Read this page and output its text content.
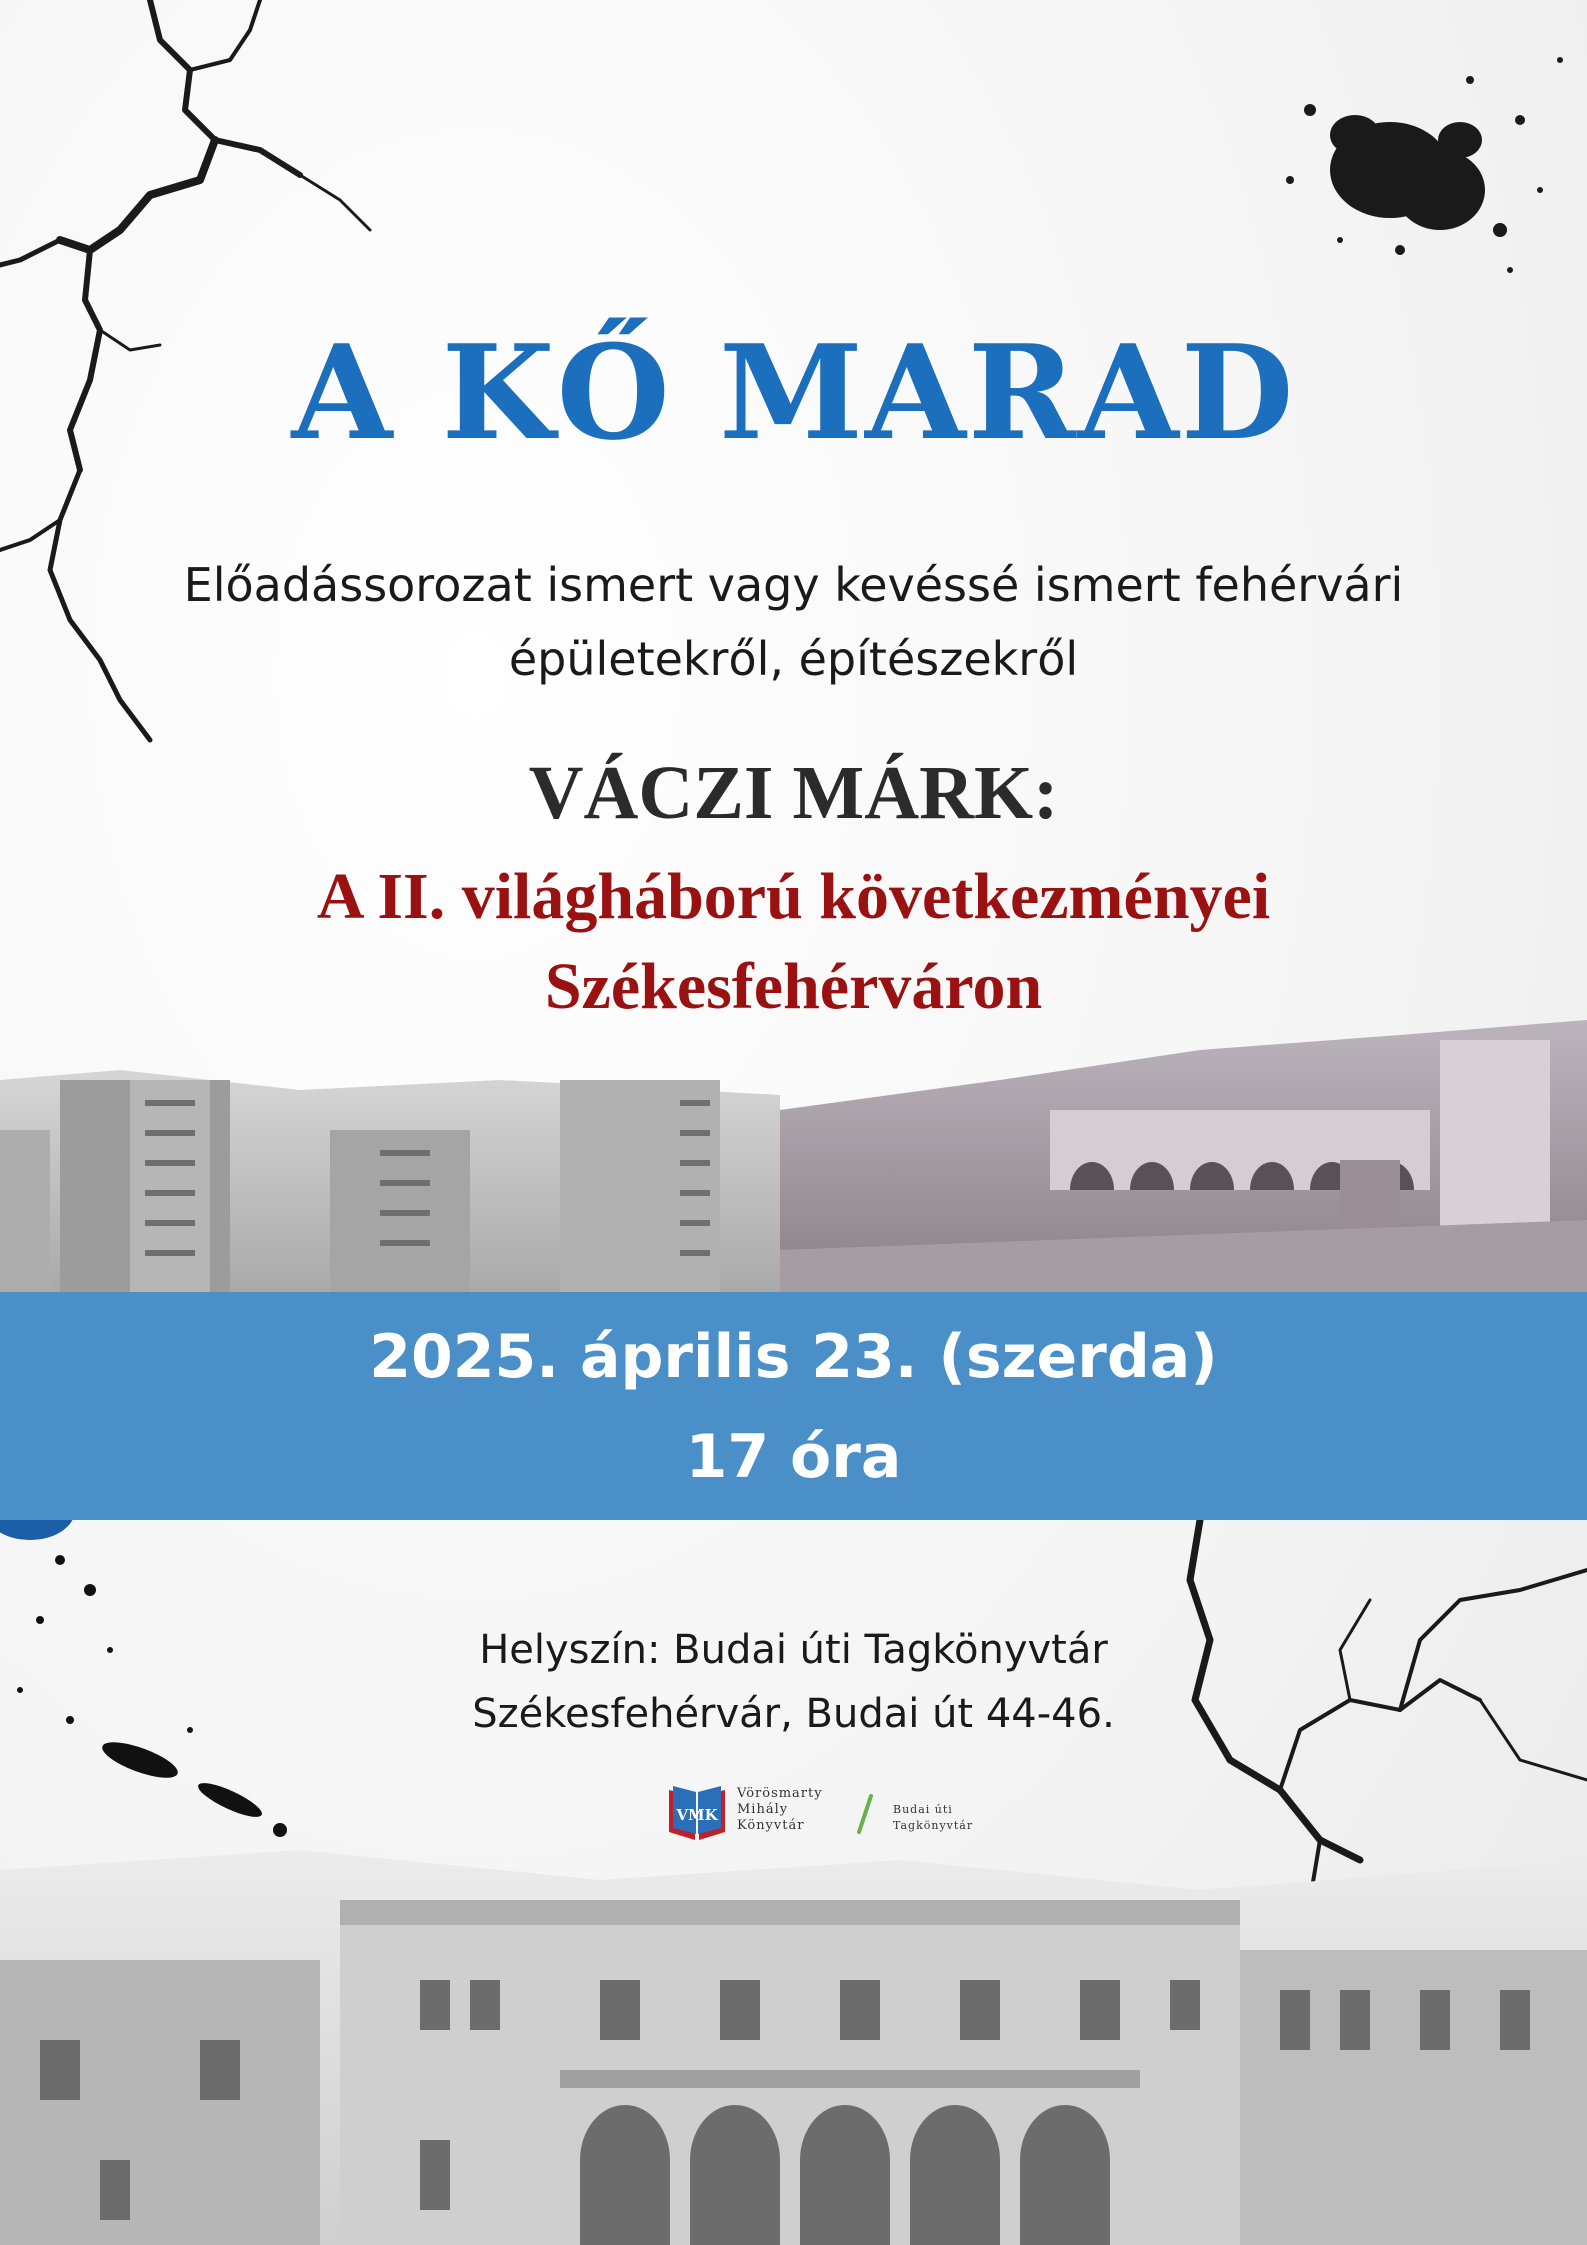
A KŐ MARAD
Előadássorozat ismert vagy kevéssé ismert fehérvári
épületekről, építészekről
VÁCZI MÁRK:
A II. világháború következményei
Székesfehérváron
2025. április 23. (szerda)
17 óra
Helyszín: Budai úti Tagkönyvtár
Székesfehérvár, Budai út 44-46.
VMK
Vörösmarty
Mihály
Könyvtár
Budai úti
Tagkönyvtár
